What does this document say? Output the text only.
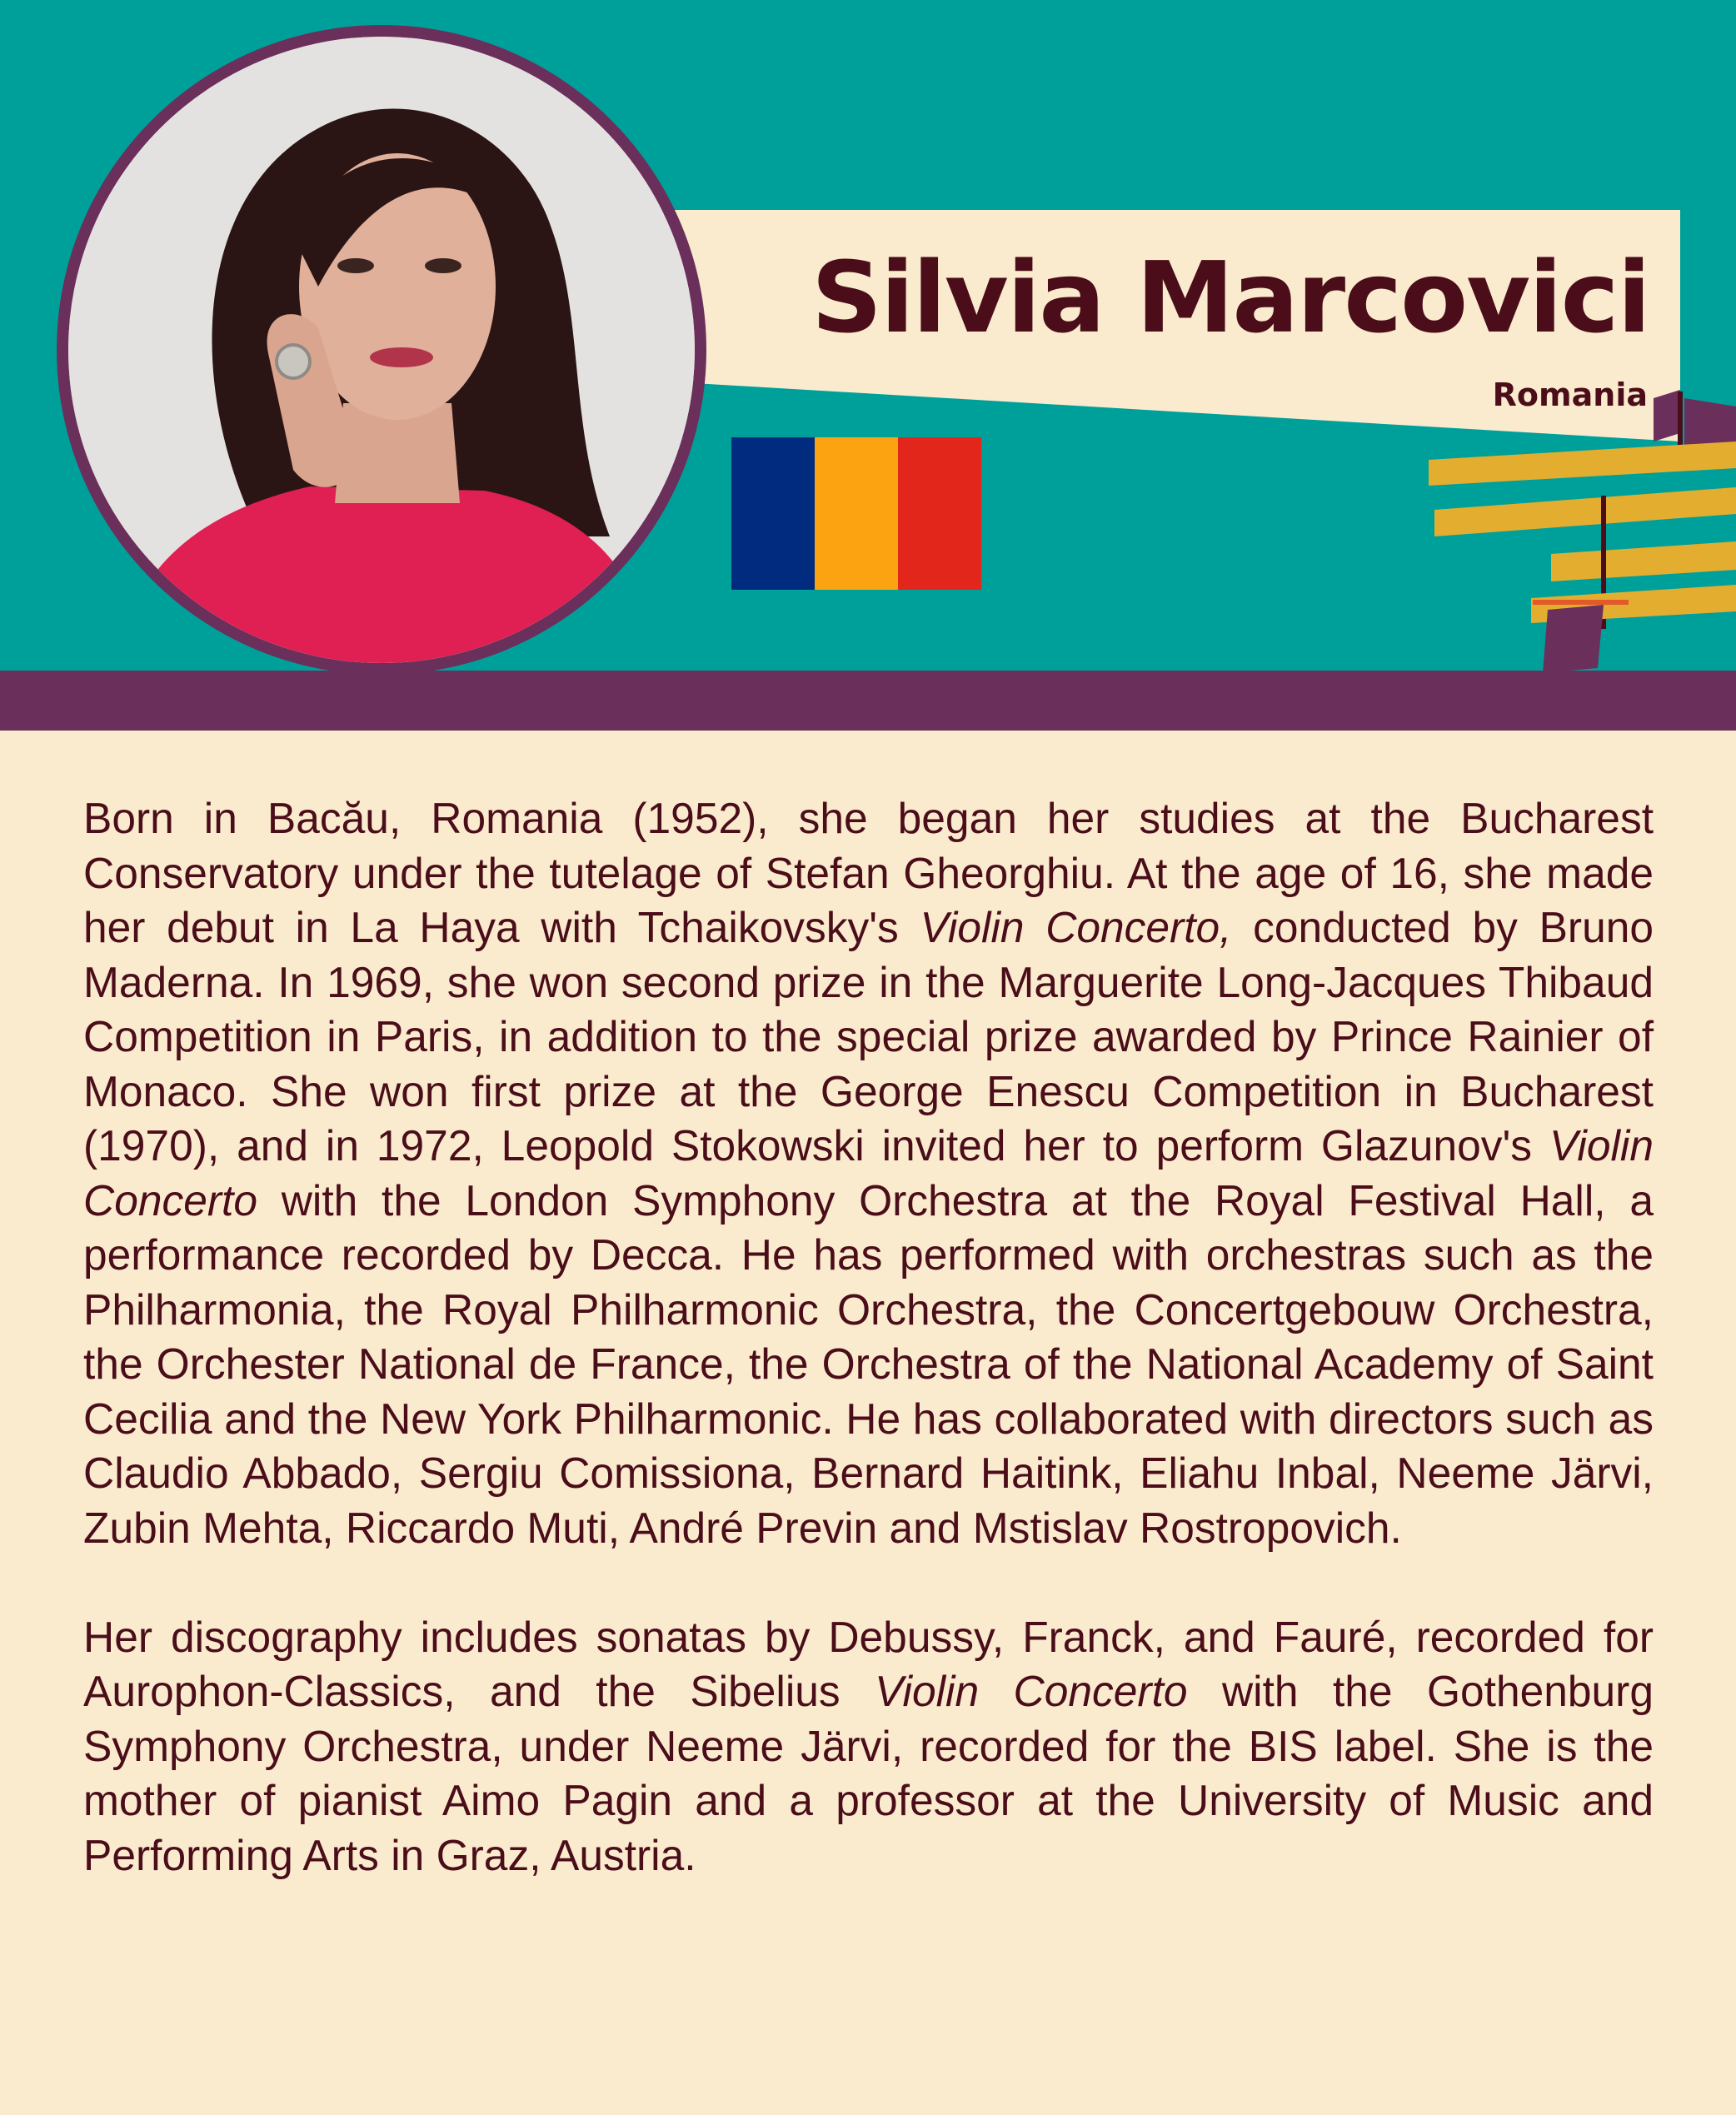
Silvia Marcovici
Romania

Born in Bacău, Romania (1952), she began her studies at the Bucharest Conservatory under the tutelage of Stefan Gheorghiu. At the age of 16, she made her debut in La Haya with Tchaikovsky's Violin Concerto, conducted by Bruno Maderna. In 1969, she won second prize in the Marguerite Long-Jacques Thibaud Competition in Paris, in addition to the special prize awarded by Prince Rainier of Monaco. She won first prize at the George Enescu Competition in Bucharest (1970), and in 1972, Leopold Stokowski invited her to perform Glazunov's Violin Concerto with the London Symphony Orchestra at the Royal Festival Hall, a performance recorded by Decca. He has performed with orchestras such as the Philharmonia, the Royal Philharmonic Orchestra, the Concertgebouw Orchestra, the Orchester National de France, the Orchestra of the National Academy of Saint Cecilia and the New York Philharmonic. He has collaborated with directors such as Claudio Abbado, Sergiu Comissiona, Bernard Haitink, Eliahu Inbal, Neeme Järvi, Zubin Mehta, Riccardo Muti, André Previn and Mstislav Rostropovich.

Her discography includes sonatas by Debussy, Franck, and Fauré, recorded for Aurophon-Classics, and the Sibelius Violin Concerto with the Gothenburg Symphony Orchestra, under Neeme Järvi, recorded for the BIS label. She is the mother of pianist Aimo Pagin and a professor at the University of Music and Performing Arts in Graz, Austria.
